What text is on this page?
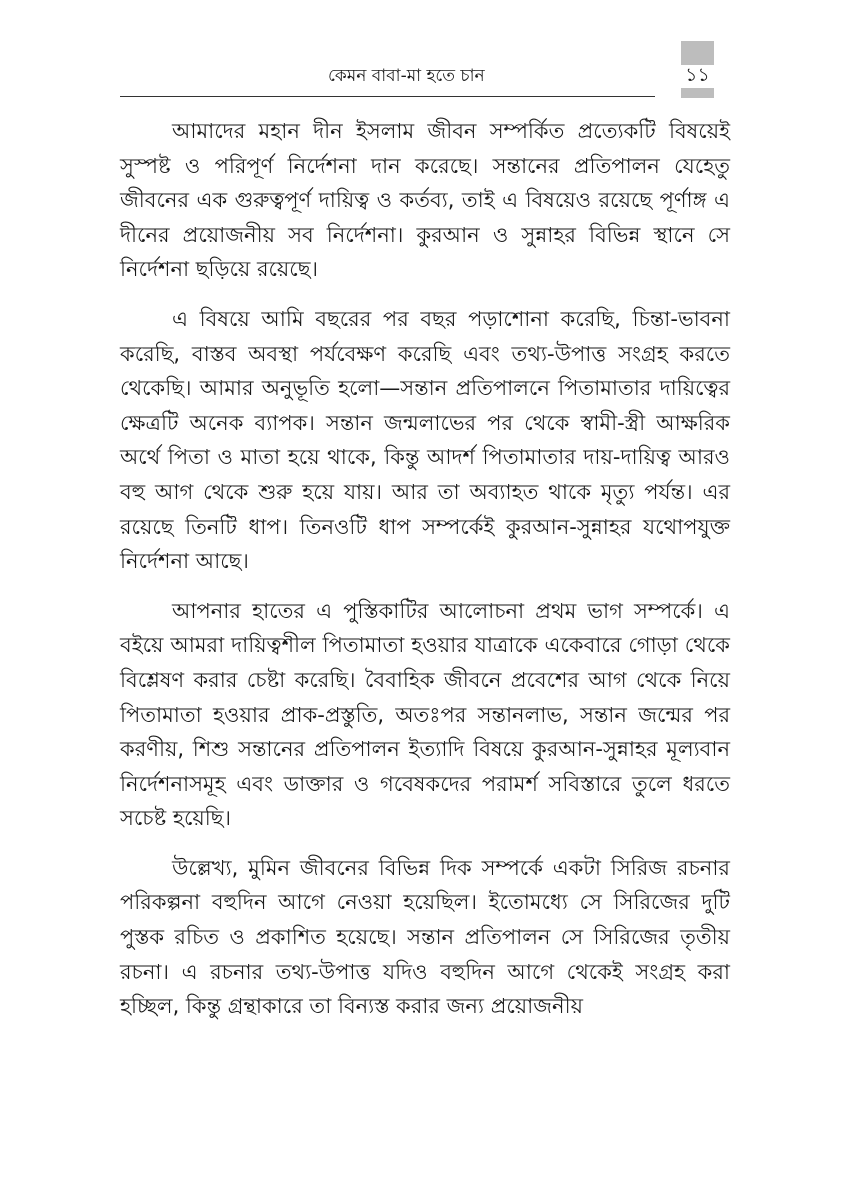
কেমন বাবা-মা হতে চান	১১

আমাদের মহান দীন ইসলাম জীবন সম্পর্কিত প্রত্যেকটি বিষয়েই সুস্পষ্ট ও পরিপূর্ণ নির্দেশনা দান করেছে। সন্তানের প্রতিপালন যেহেতু জীবনের এক গুরুত্বপূর্ণ দায়িত্ব ও কর্তব্য, তাই এ বিষয়েও রয়েছে পূর্ণাঙ্গ এ দীনের প্রয়োজনীয় সব নির্দেশনা। কুরআন ও সুন্নাহর বিভিন্ন স্থানে সে নির্দেশনা ছড়িয়ে রয়েছে।

এ বিষয়ে আমি বছরের পর বছর পড়াশোনা করেছি, চিন্তা-ভাবনা করেছি, বাস্তব অবস্থা পর্যবেক্ষণ করেছি এবং তথ্য-উপাত্ত সংগ্রহ করতে থেকেছি। আমার অনুভূতি হলো—সন্তান প্রতিপালনে পিতামাতার দায়িত্বের ক্ষেত্রটি অনেক ব্যাপক। সন্তান জন্মলাভের পর থেকে স্বামী-স্ত্রী আক্ষরিক অর্থে পিতা ও মাতা হয়ে থাকে, কিন্তু আদর্শ পিতামাতার দায়-দায়িত্ব আরও বহু আগ থেকে শুরু হয়ে যায়। আর তা অব্যাহত থাকে মৃত্যু পর্যন্ত। এর রয়েছে তিনটি ধাপ। তিনওটি ধাপ সম্পর্কেই কুরআন-সুন্নাহর যথোপযুক্ত নির্দেশনা আছে।

আপনার হাতের এ পুস্তিকাটির আলোচনা প্রথম ভাগ সম্পর্কে। এ বইয়ে আমরা দায়িত্বশীল পিতামাতা হওয়ার যাত্রাকে একেবারে গোড়া থেকে বিশ্লেষণ করার চেষ্টা করেছি। বৈবাহিক জীবনে প্রবেশের আগ থেকে নিয়ে পিতামাতা হওয়ার প্রাক-প্রস্তুতি, অতঃপর সন্তানলাভ, সন্তান জন্মের পর করণীয়, শিশু সন্তানের প্রতিপালন ইত্যাদি বিষয়ে কুরআন-সুন্নাহর মূল্যবান নির্দেশনাসমূহ এবং ডাক্তার ও গবেষকদের পরামর্শ সবিস্তারে তুলে ধরতে সচেষ্ট হয়েছি।

উল্লেখ্য, মুমিন জীবনের বিভিন্ন দিক সম্পর্কে একটা সিরিজ রচনার পরিকল্পনা বহুদিন আগে নেওয়া হয়েছিল। ইতোমধ্যে সে সিরিজের দুটি পুস্তক রচিত ও প্রকাশিত হয়েছে। সন্তান প্রতিপালন সে সিরিজের তৃতীয় রচনা। এ রচনার তথ্য-উপাত্ত যদিও বহুদিন আগে থেকেই সংগ্রহ করা হচ্ছিল, কিন্তু গ্রন্থাকারে তা বিন্যস্ত করার জন্য প্রয়োজনীয়
